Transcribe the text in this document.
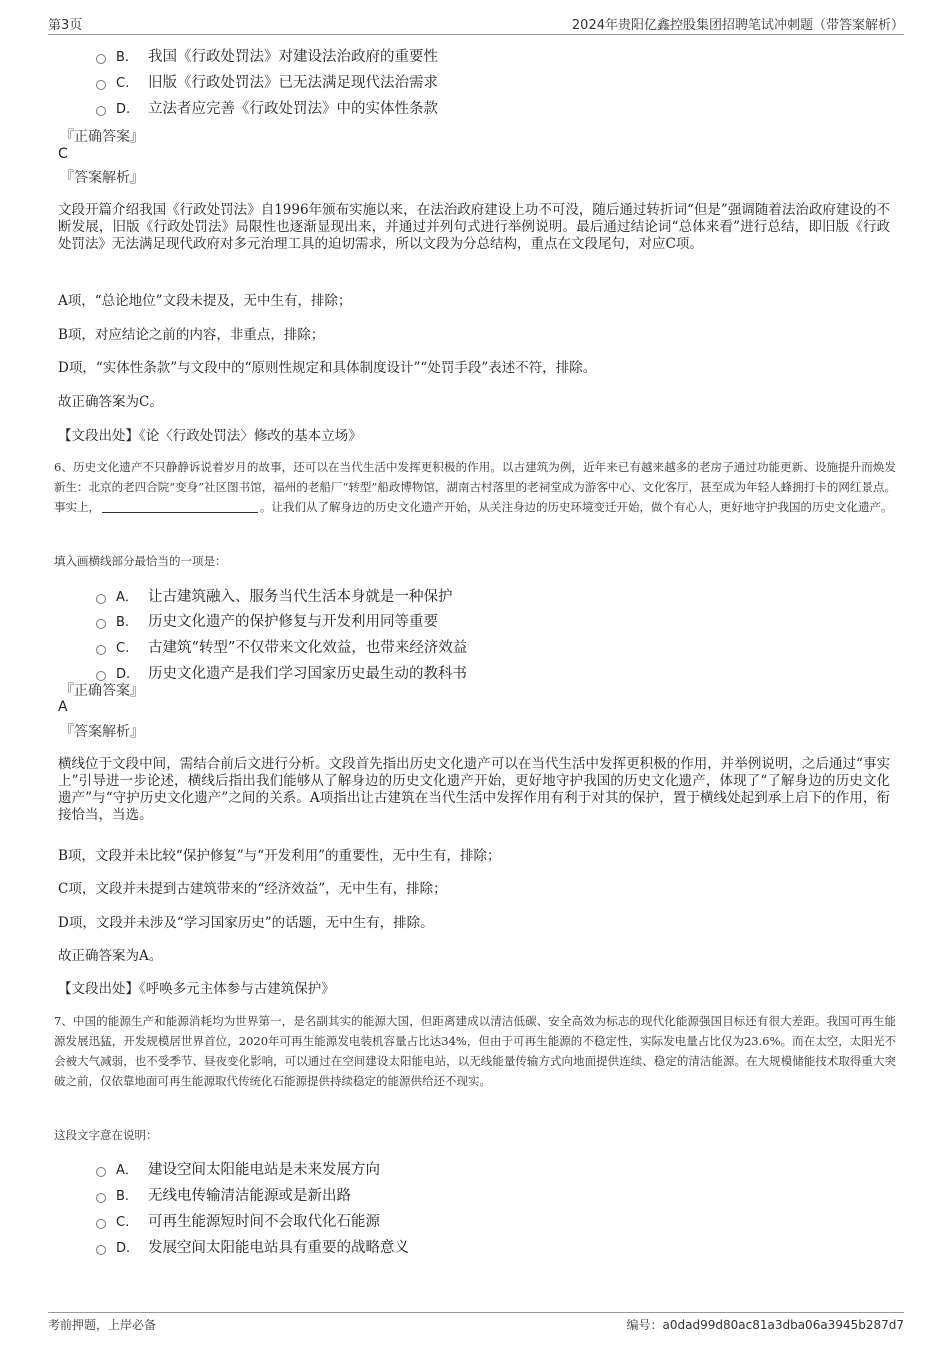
第3页	2024年贵阳亿鑫控股集团招聘笔试冲刺题（带答案解析）
B. 我国《行政处罚法》对建设法治政府的重要性
C. 旧版《行政处罚法》已无法满足现代法治需求
D. 立法者应完善《行政处罚法》中的实体性条款
『正确答案』
C
『答案解析』
文段开篇介绍我国《行政处罚法》自1996年颁布实施以来，在法治政府建设上功不可没，随后通过转折词“但是”强调随着法治政府建设的不断发展，旧版《行政处罚法》局限性也逐渐显现出来，并通过并列句式进行举例说明。最后通过结论词“总体来看”进行总结，即旧版《行政处罚法》无法满足现代政府对多元治理工具的迫切需求，所以文段为分总结构，重点在文段尾句，对应C项。
A项，“总论地位”文段未提及，无中生有，排除；
B项，对应结论之前的内容，非重点，排除；
D项，“实体性条款”与文段中的“原则性规定和具体制度设计”“处罚手段”表述不符，排除。
故正确答案为C。
【文段出处】《论〈行政处罚法〉修改的基本立场》
6、历史文化遗产不只静静诉说着岁月的故事，还可以在当代生活中发挥更积极的作用。以古建筑为例，近年来已有越来越多的老房子通过功能更新、设施提升而焕发新生：北京的老四合院“变身”社区图书馆，福州的老船厂“转型”船政博物馆，湖南古村落里的老祠堂成为游客中心、文化客厅，甚至成为年轻人蜂拥打卡的网红景点。事实上，	。让我们从了解身边的历史文化遗产开始，从关注身边的历史环境变迁开始，做个有心人，更好地守护我国的历史文化遗产。
填入画横线部分最恰当的一项是：
A． 让古建筑融入、服务当代生活本身就是一种保护
B. 历史文化遗产的保护修复与开发利用同等重要
C. 古建筑“转型”不仅带来文化效益，也带来经济效益
D. 历史文化遗产是我们学习国家历史最生动的教科书
『正确答案』
A
『答案解析』
横线位于文段中间，需结合前后文进行分析。文段首先指出历史文化遗产可以在当代生活中发挥更积极的作用，并举例说明，之后通过“事实上”引导进一步论述，横线后指出我们能够从了解身边的历史文化遗产开始，更好地守护我国的历史文化遗产，体现了“了解身边的历史文化遗产”与“守护历史文化遗产”之间的关系。A项指出让古建筑在当代生活中发挥作用有利于对其的保护，置于横线处起到承上启下的作用，衔接恰当，当选。
B项，文段并未比较“保护修复”与“开发利用”的重要性，无中生有，排除；
C项，文段并未提到古建筑带来的“经济效益”，无中生有，排除；
D项，文段并未涉及“学习国家历史”的话题，无中生有，排除。
故正确答案为A。
【文段出处】《呼唤多元主体参与古建筑保护》
7、中国的能源生产和能源消耗均为世界第一，是名副其实的能源大国，但距离建成以清洁低碳、安全高效为标志的现代化能源强国目标还有很大差距。我国可再生能源发展迅猛，开发规模居世界首位，2020年可再生能源发电装机容量占比达34%，但由于可再生能源的不稳定性，实际发电量占比仅为23.6%。而在太空，太阳光不会被大气减弱，也不受季节、昼夜变化影响，可以通过在空间建设太阳能电站，以无线能量传输方式向地面提供连续、稳定的清洁能源。在大规模储能技术取得重大突破之前，仅依靠地面可再生能源取代传统化石能源提供持续稳定的能源供给还不现实。
这段文字意在说明：
A． 建设空间太阳能电站是未来发展方向
B. 无线电传输清洁能源或是新出路
C. 可再生能源短时间不会取代化石能源
D. 发展空间太阳能电站具有重要的战略意义
考前押题，上岸必备	编号：a0dad99d80ac81a3dba06a3945b287d7
